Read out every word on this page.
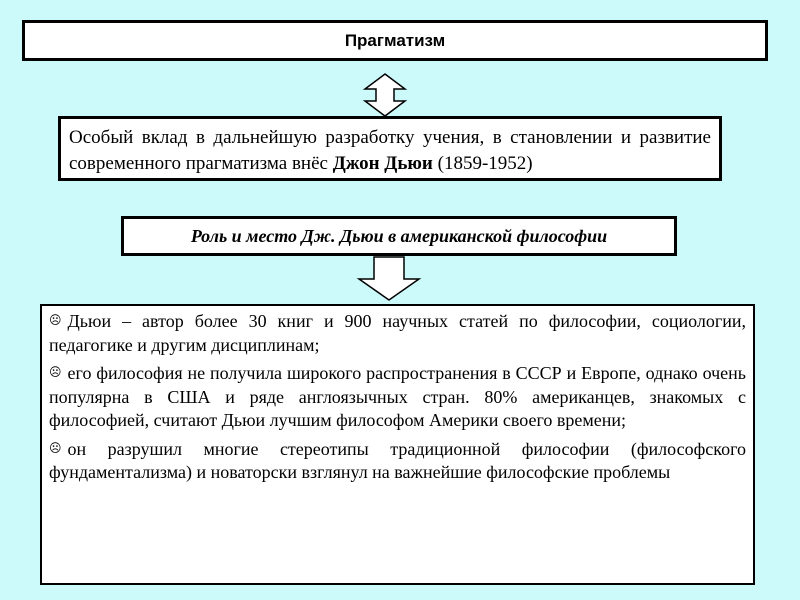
Прагматизм
Особый вклад в дальнейшую разработку учения, в становлении и развитие современного прагматизма внёс Джон Дьюи (1859-1952)
Роль и место Дж. Дьюи в американской философии

☹ Дьюи – автор более 30 книг и 900 научных статей по философии, социологии, педагогике и другим дисциплинам;

☹ его философия не получила широкого распространения в СССР и Европе, однако очень популярна в США и ряде англоязычных стран. 80% американцев, знакомых с философией, считают Дьюи лучшим философом Америки своего времени;

☹ он разрушил многие стереотипы традиционной философии (философского фундаментализма) и новаторски взглянул на важнейшие философские проблемы
